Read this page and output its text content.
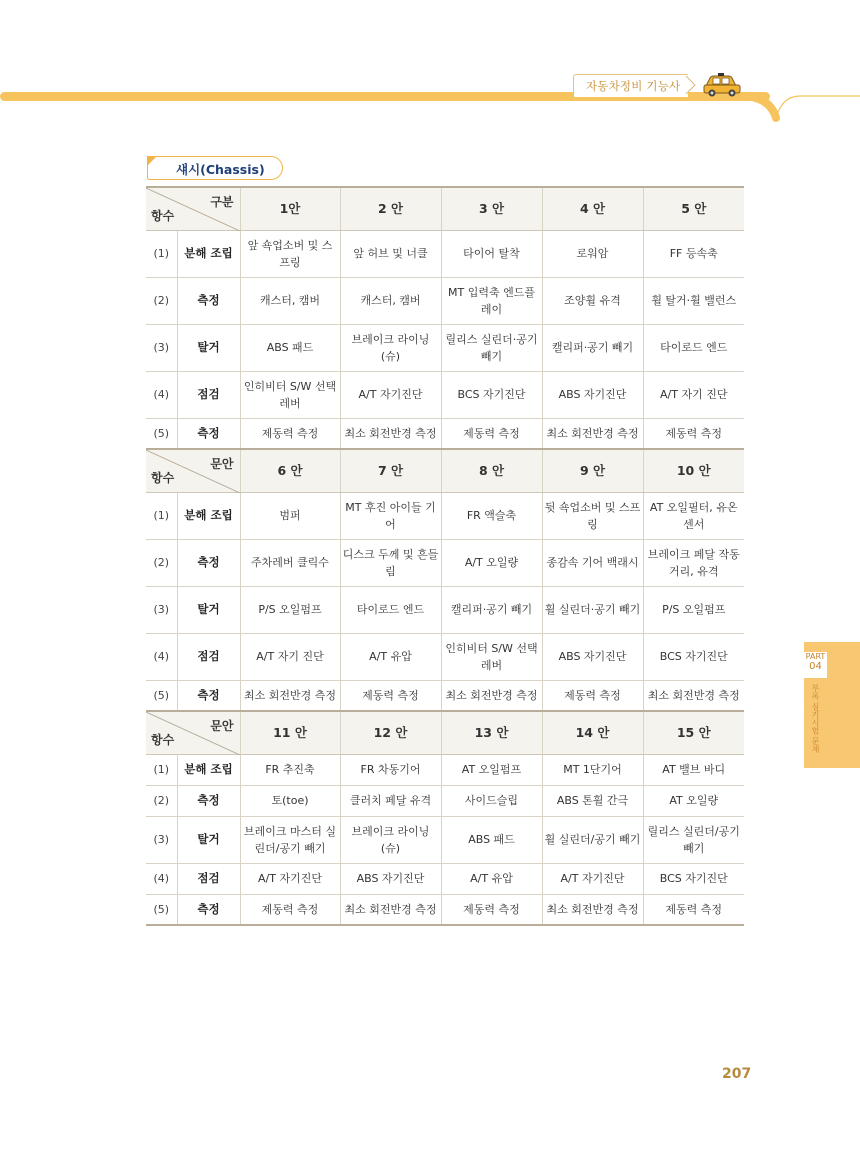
자동차정비 기능사
섀시(Chassis)
구분
항수		1안	2 안	3 안	4 안	5 안
(1)	분해 조립	앞 쇽업소버 및 스프링	앞 허브 및 너클	타이어 탈착	로워암	FF 등속축
(2)	측정	캐스터, 캠버	캐스터, 캠버	MT 입력축 엔드플레이	조양휠 유격	휠 탈거·휠 밸런스
(3)	탈거	ABS 패드	브레이크 라이닝(슈)	릴리스 실린더·공기 빼기	캘리퍼·공기 빼기	타이로드 엔드
(4)	점검	인히비터 S/W 선택레버	A/T 자기진단	BCS 자기진단	ABS 자기진단	A/T 자기 진단
(5)	측정	제동력 측정	최소 회전반경 측정	제동력 측정	최소 회전반경 측정	제동력 측정

문안
항수		6 안	7 안	8 안	9 안	10 안
(1)	분해 조립	범퍼	MT 후진 아이들 기어	FR 액슬축	뒷 쇽업소버 및 스프링	AT 오일필터, 유온센서
(2)	측정	주차레버 클릭수	디스크 두께 및 흔들림	A/T 오일량	종감속 기어 백래시	브레이크 페달 작동거리, 유격
(3)	탈거	P/S 오일펌프	타이로드 엔드	캘리퍼·공기 빼기	휠 실린더·공기 빼기	P/S 오일펌프
(4)	점검	A/T 자기 진단	A/T 유압	인히비터 S/W 선택레버	ABS 자기진단	BCS 자기진단
(5)	측정	최소 회전반경 측정	제동력 측정	최소 회전반경 측정	제동력 측정	최소 회전반경 측정

문안
항수		11 안	12 안	13 안	14 안	15 안
(1)	분해 조립	FR 추진축	FR 차동기어	AT 오일펌프	MT 1단기어	AT 밸브 바디
(2)	측정	토(toe)	클러치 페달 유격	사이드슬립	ABS 톤휠 간극	AT 오일량
(3)	탈거	브레이크 마스터 실린더/공기 빼기	브레이크 라이닝(슈)	ABS 패드	휠 실린더/공기 빼기	릴리스 실린더/공기 빼기
(4)	점검	A/T 자기진단	ABS 자기진단	A/T 유압	A/T 자기진단	BCS 자기진단
(5)	측정	제동력 측정	최소 회전반경 측정	제동력 측정	최소 회전반경 측정	제동력 측정
PART
04
부록 실기시험 문제
207
